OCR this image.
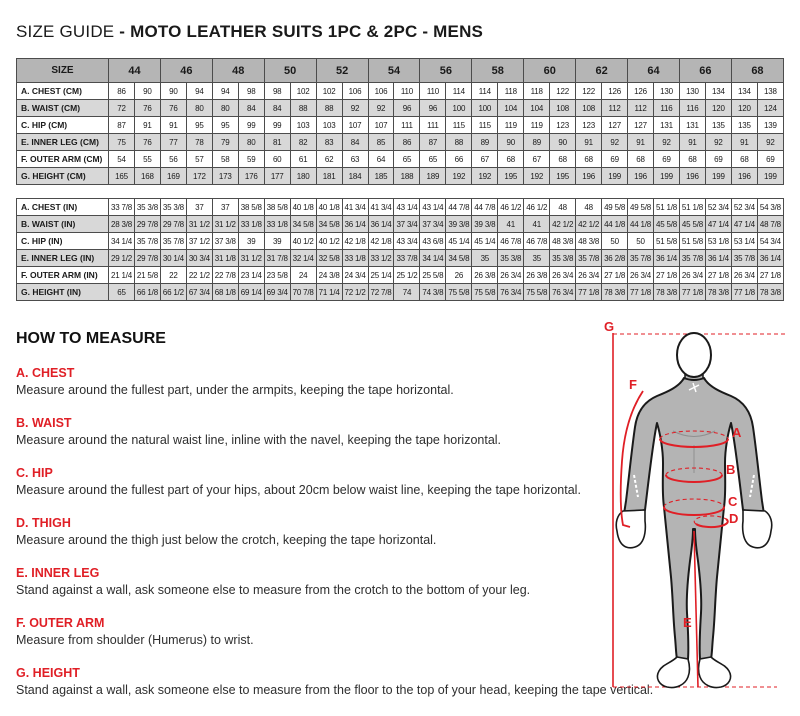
SIZE GUIDE - MOTO LEATHER SUITS 1PC & 2PC - MENS
SIZE	44		46		48		50		52		54		56		58		60		62		64		66		68	
A. CHEST (CM)	86	90	90	94	94	98	98	102	102	106	106	110	110	114	114	118	118	122	122	126	126	130	130	134	134	138
B. WAIST (CM)	72	76	76	80	80	84	84	88	88	92	92	96	96	100	100	104	104	108	108	112	112	116	116	120	120	124
C. HIP (CM)	87	91	91	95	95	99	99	103	103	107	107	111	111	115	115	119	119	123	123	127	127	131	131	135	135	139
E. INNER LEG (CM)	75	76	77	78	79	80	81	82	83	84	85	86	87	88	89	90	89	90	91	92	91	92	91	92	91	92
F. OUTER ARM (CM)	54	55	56	57	58	59	60	61	62	63	64	65	65	66	67	68	67	68	68	69	68	69	68	69	68	69
G. HEIGHT (CM)	165	168	169	172	173	176	177	180	181	184	185	188	189	192	192	195	192	195	196	199	196	199	196	199	196	199
A. CHEST (IN)	33 7/8	35 3/8	35 3/8	37	37	38 5/8	38 5/8	40 1/8	40 1/8	41 3/4	41 3/4	43 1/4	43 1/4	44 7/8	44 7/8	46 1/2	46 1/2	48	48	49 5/8	49 5/8	51 1/8	51 1/8	52 3/4	52 3/4	54 3/8
B. WAIST (IN)	28 3/8	29 7/8	29 7/8	31 1/2	31 1/2	33 1/8	33 1/8	34 5/8	34 5/8	36 1/4	36 1/4	37 3/4	37 3/4	39 3/8	39 3/8	41	41	42 1/2	42 1/2	44 1/8	44 1/8	45 5/8	45 5/8	47 1/4	47 1/4	48 7/8
C. HIP (IN)	34 1/4	35 7/8	35 7/8	37 1/2	37 3/8	39	39	40 1/2	40 1/2	42 1/8	42 1/8	43 3/4	43 6/8	45 1/4	45 1/4	46 7/8	46 7/8	48 3/8	48 3/8	50	50	51 5/8	51 5/8	53 1/8	53 1/4	54 3/4
E. INNER LEG (IN)	29 1/2	29 7/8	30 1/4	30 3/4	31 1/8	31 1/2	31 7/8	32 1/4	32 5/8	33 1/8	33 1/2	33 7/8	34 1/4	34 5/8	35	35 3/8	35	35 3/8	35 7/8	36 2/8	35 7/8	36 1/4	35 7/8	36 1/4	35 7/8	36 1/4
F. OUTER ARM (IN)	21 1/4	21 5/8	22	22 1/2	22 7/8	23 1/4	23 5/8	24	24 3/8	24 3/4	25 1/4	25 1/2	25 5/8	26	26 3/8	26 3/4	26 3/8	26 3/4	26 3/4	27 1/8	26 3/4	27 1/8	26 3/4	27 1/8	26 3/4	27 1/8
G. HEIGHT (IN)	65	66 1/8	66 1/2	67 3/4	68 1/8	69 1/4	69 3/4	70 7/8	71 1/4	72 1/2	72 7/8	74	74 3/8	75 5/8	75 5/8	76 3/4	75 5/8	76 3/4	77 1/8	78 3/8	77 1/8	78 3/8	77 1/8	78 3/8	77 1/8	78 3/8
HOW TO MEASURE
A. CHEST
Measure around the fullest part, under the armpits, keeping the tape horizontal.
B. WAIST
Measure around the natural waist line, inline with the navel, keeping the tape horizontal.
C. HIP
Measure around the fullest part of your hips, about 20cm below waist line, keeping the tape horizontal.
D. THIGH
Measure around the thigh just below the crotch, keeping the tape horizontal.
E. INNER LEG
Stand against a wall, ask someone else to measure from the crotch to the bottom of your leg.
F. OUTER ARM
Measure from shoulder (Humerus) to wrist.
G. HEIGHT
Stand against a wall, ask someone else to measure from the floor to the top of your head, keeping the tape vertical.
G
F
A
B
C
D
E
